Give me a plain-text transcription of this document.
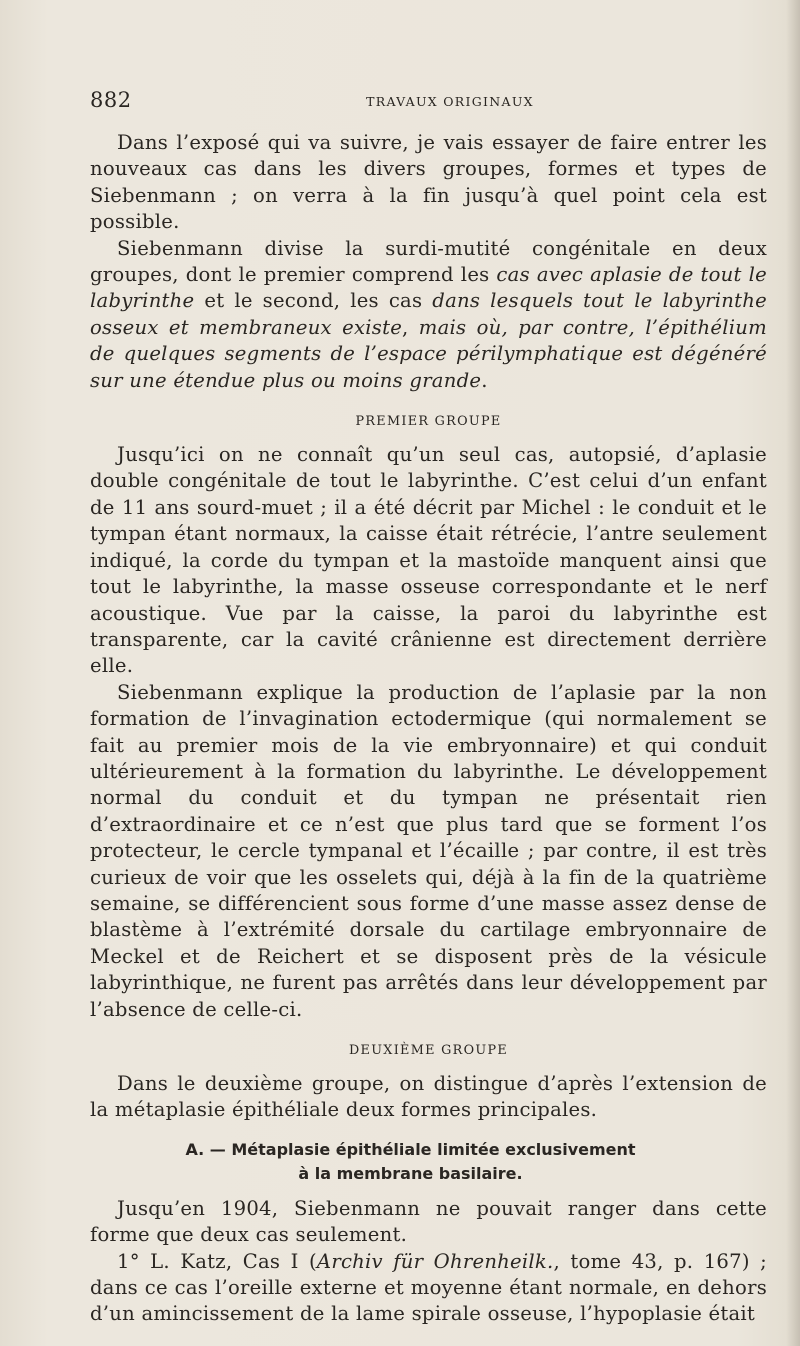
882	TRAVAUX ORIGINAUX

Dans l’exposé qui va suivre, je vais essayer de faire entrer les nouveaux cas dans les divers groupes, formes et types de Siebenmann ; on verra à la fin jusqu’à quel point cela est possible.

Siebenmann divise la surdi-mutité congénitale en deux groupes, dont le premier comprend les cas avec aplasie de tout le labyrinthe et le second, les cas dans lesquels tout le labyrinthe osseux et membraneux existe, mais où, par contre, l’épithélium de quelques segments de l’espace périlymphatique est dégénéré sur une étendue plus ou moins grande.

PREMIER GROUPE

Jusqu’ici on ne connaît qu’un seul cas, autopsié, d’aplasie double congénitale de tout le labyrinthe. C’est celui d’un enfant de 11 ans sourd-muet ; il a été décrit par Michel : le conduit et le tympan étant normaux, la caisse était rétrécie, l’antre seulement indiqué, la corde du tympan et la mastoïde manquent ainsi que tout le labyrinthe, la masse osseuse correspondante et le nerf acoustique. Vue par la caisse, la paroi du labyrinthe est transparente, car la cavité crânienne est directement derrière elle.

Siebenmann explique la production de l’aplasie par la non formation de l’invagination ectodermique (qui normalement se fait au premier mois de la vie embryonnaire) et qui conduit ultérieurement à la formation du labyrinthe. Le développement normal du conduit et du tympan ne présentait rien d’extraordinaire et ce n’est que plus tard que se forment l’os protecteur, le cercle tympanal et l’écaille ; par contre, il est très curieux de voir que les osselets qui, déjà à la fin de la quatrième semaine, se différencient sous forme d’une masse assez dense de blastème à l’extrémité dorsale du cartilage embryonnaire de Meckel et de Reichert et se disposent près de la vésicule labyrinthique, ne furent pas arrêtés dans leur développement par l’absence de celle-ci.

DEUXIÈME GROUPE

Dans le deuxième groupe, on distingue d’après l’extension de la métaplasie épithéliale deux formes principales.

A. — Métaplasie épithéliale limitée exclusivement
à la membrane basilaire.

Jusqu’en 1904, Siebenmann ne pouvait ranger dans cette forme que deux cas seulement.

1° L. Katz, Cas I (Archiv für Ohrenheilk., tome 43, p. 167) ; dans ce cas l’oreille externe et moyenne étant normale, en dehors d’un amincissement de la lame spirale osseuse, l’hypoplasie était
